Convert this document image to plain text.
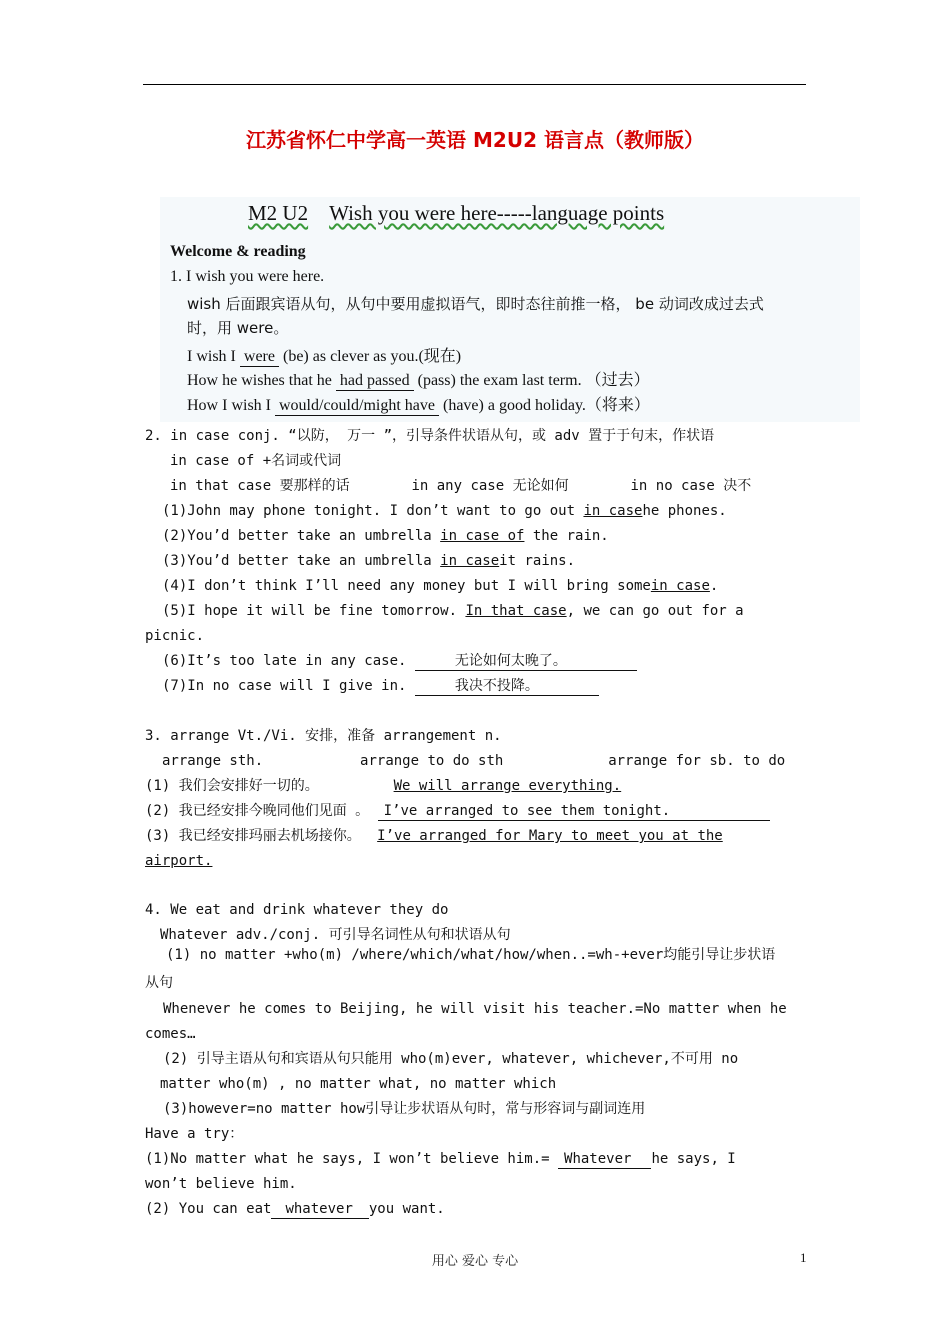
江苏省怀仁中学高一英语 M2U2 语言点（教师版）
M2 U2 Wish you were here-----language points
Welcome & reading
1. I wish you were here.
wish 后面跟宾语从句，从句中要用虚拟语气，即时态往前推一格， be 动词改成过去式
时，用 were。
I wish I were (be) as clever as you.(现在)
How he wishes that he had passed (pass) the exam last term. （过去）
How I wish I would/could/might have (have) a good holiday.（将来）
2. in case conj. “以防， 万一 ”，引导条件状语从句，或 adv 置于于句末，作状语
in case of +名词或代词
in that case 要那样的话	in any case 无论如何	in no case 决不
(1)John may phone tonight. I don’t want to go out in casehe phones.
(2)You’d better take an umbrella in case of the rain.
(3)You’d better take an umbrella in caseit rains.
(4)I don’t think I’ll need any money but I will bring somein case.
(5)I hope it will be fine tomorrow. In that case, we can go out for a
picnic.
(6)It’s too late in any case.	无论如何太晚了。
(7)In no case will I give in.	我决不投降。
3. arrange Vt./Vi. 安排，准备 arrangement n.
arrange sth.	arrange to do sth	arrange for sb. to do
(1) 我们会安排好一切的。	We will arrange everything.
(2) 我已经安排今晚同他们见面 。 I’ve arranged to see them tonight.
(3) 我已经安排玛丽去机场接你。 I’ve arranged for Mary to meet you at the
airport.
4. We eat and drink whatever they do
Whatever adv./conj. 可引导名词性从句和状语从句
(1) no matter +who(m) /where/which/what/how/when..=wh-+ever均能引导让步状语
从句
Whenever he comes to Beijing, he will visit his teacher.=No matter when he
comes…
(2) 引导主语从句和宾语从句只能用 who(m)ever, whatever, whichever,不可用 no
matter who(m) , no matter what, no matter which
(3)however=no matter how引导让步状语从句时，常与形容词与副词连用
Have a try：
(1)No matter what he says, I won’t believe him.= Whatever he says, I
won’t believe him.
(2) You can eat whatever you want.
用心 爱心 专心	1
